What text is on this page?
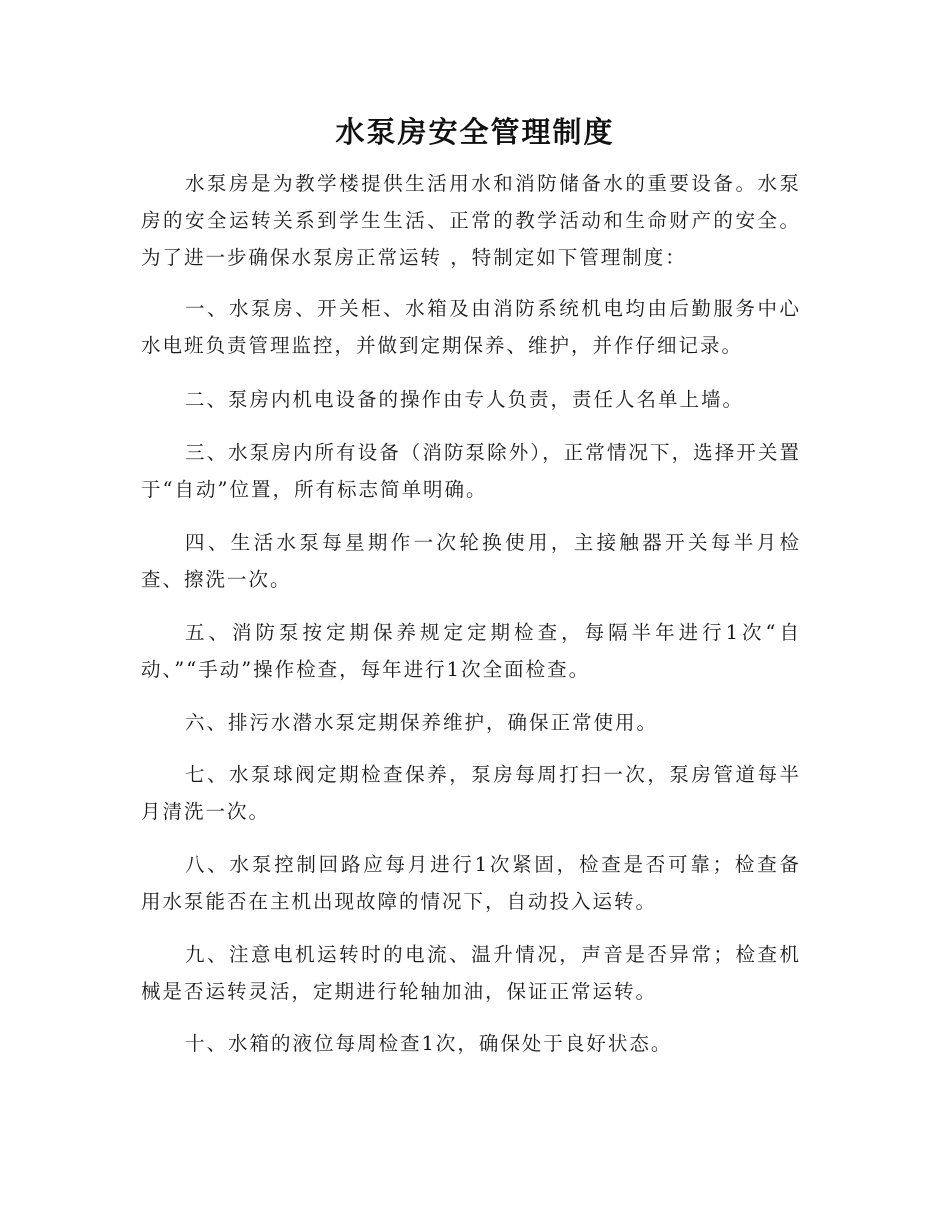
水泵房安全管理制度
水泵房是为教学楼提供生活用水和消防储备水的重要设备。水泵房的安全运转关系到学生生活、正常的教学活动和生命财产的安全。为了进一步确保水泵房正常运转 ，特制定如下管理制度：
一、水泵房、开关柜、水箱及由消防系统机电均由后勤服务中心水电班负责管理监控，并做到定期保养、维护，并作仔细记录。
二、泵房内机电设备的操作由专人负责，责任人名单上墙。
三、水泵房内所有设备（消防泵除外），正常情况下，选择开关置于“自动”位置，所有标志简单明确。
四、生活水泵每星期作一次轮换使用，主接触器开关每半月检查、擦洗一次。
五、消防泵按定期保养规定定期检查，每隔半年进行1次“自动、”“手动”操作检查，每年进行1次全面检查。
六、排污水潜水泵定期保养维护，确保正常使用。
七、水泵球阀定期检查保养，泵房每周打扫一次，泵房管道每半月清洗一次。
八、水泵控制回路应每月进行1次紧固，检查是否可靠；检查备用水泵能否在主机出现故障的情况下，自动投入运转。
九、注意电机运转时的电流、温升情况，声音是否异常；检查机械是否运转灵活，定期进行轮轴加油，保证正常运转。
十、水箱的液位每周检查1次，确保处于良好状态。
